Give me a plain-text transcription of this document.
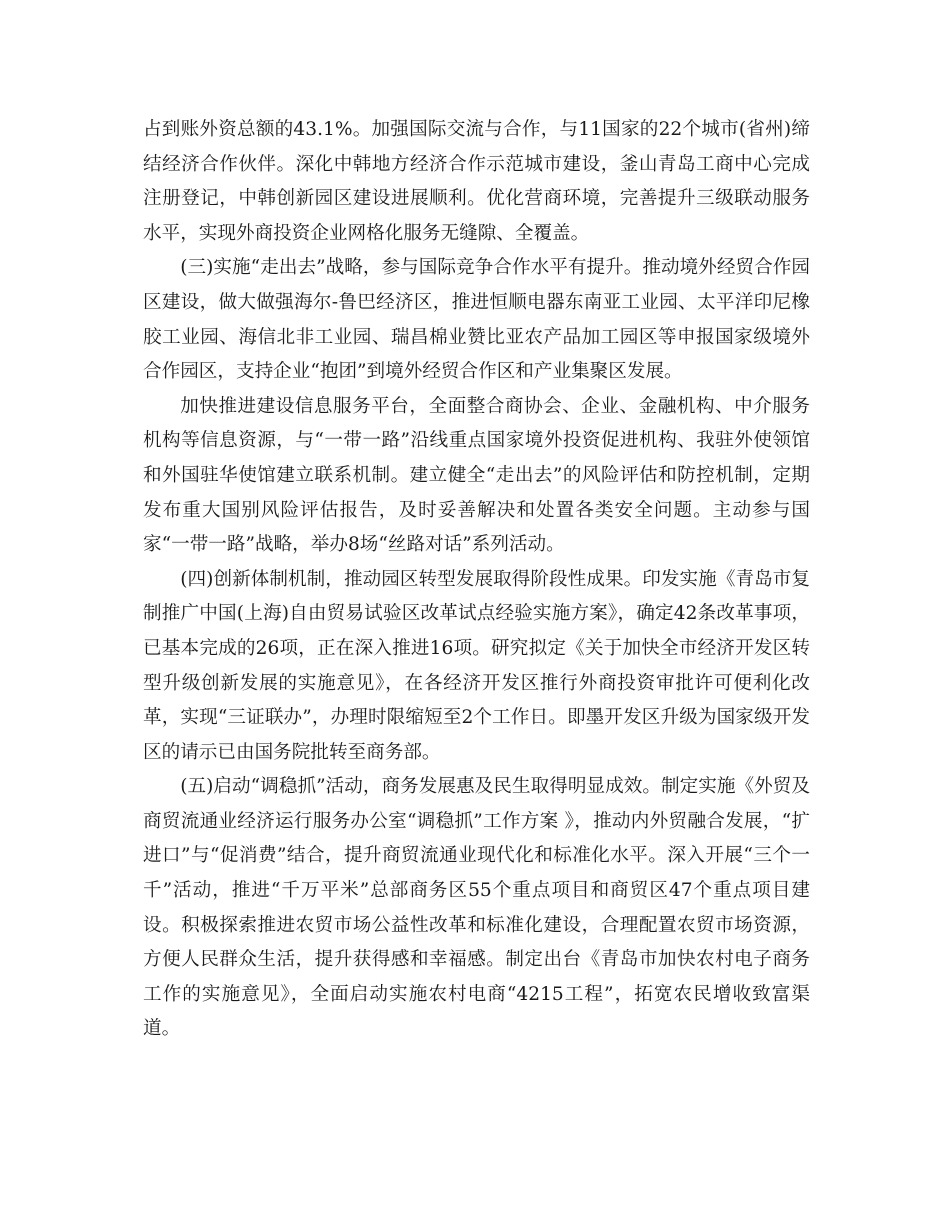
占到账外资总额的43.1%。加强国际交流与合作，与11国家的22个城市(省州)缔结经济合作伙伴。深化中韩地方经济合作示范城市建设，釜山青岛工商中心完成注册登记，中韩创新园区建设进展顺利。优化营商环境，完善提升三级联动服务水平，实现外商投资企业网格化服务无缝隙、全覆盖。

(三)实施“走出去”战略，参与国际竞争合作水平有提升。推动境外经贸合作园区建设，做大做强海尔-鲁巴经济区，推进恒顺电器东南亚工业园、太平洋印尼橡胶工业园、海信北非工业园、瑞昌棉业赞比亚农产品加工园区等申报国家级境外合作园区，支持企业“抱团”到境外经贸合作区和产业集聚区发展。

加快推进建设信息服务平台，全面整合商协会、企业、金融机构、中介服务机构等信息资源，与“一带一路”沿线重点国家境外投资促进机构、我驻外使领馆和外国驻华使馆建立联系机制。建立健全“走出去”的风险评估和防控机制，定期发布重大国别风险评估报告，及时妥善解决和处置各类安全问题。主动参与国家“一带一路”战略，举办8场“丝路对话”系列活动。

(四)创新体制机制，推动园区转型发展取得阶段性成果。印发实施《青岛市复制推广中国(上海)自由贸易试验区改革试点经验实施方案》，确定42条改革事项，已基本完成的26项，正在深入推进16项。研究拟定《关于加快全市经济开发区转型升级创新发展的实施意见》，在各经济开发区推行外商投资审批许可便利化改革，实现“三证联办”，办理时限缩短至2个工作日。即墨开发区升级为国家级开发区的请示已由国务院批转至商务部。

(五)启动“调稳抓”活动，商务发展惠及民生取得明显成效。制定实施《外贸及商贸流通业经济运行服务办公室“调稳抓”工作方案 》，推动内外贸融合发展，“扩进口”与“促消费”结合，提升商贸流通业现代化和标准化水平。深入开展“三个一千”活动，推进“千万平米”总部商务区55个重点项目和商贸区47个重点项目建设。积极探索推进农贸市场公益性改革和标准化建设，合理配置农贸市场资源，方便人民群众生活，提升获得感和幸福感。制定出台《青岛市加快农村电子商务工作的实施意见》，全面启动实施农村电商“4215工程”，拓宽农民增收致富渠道。
